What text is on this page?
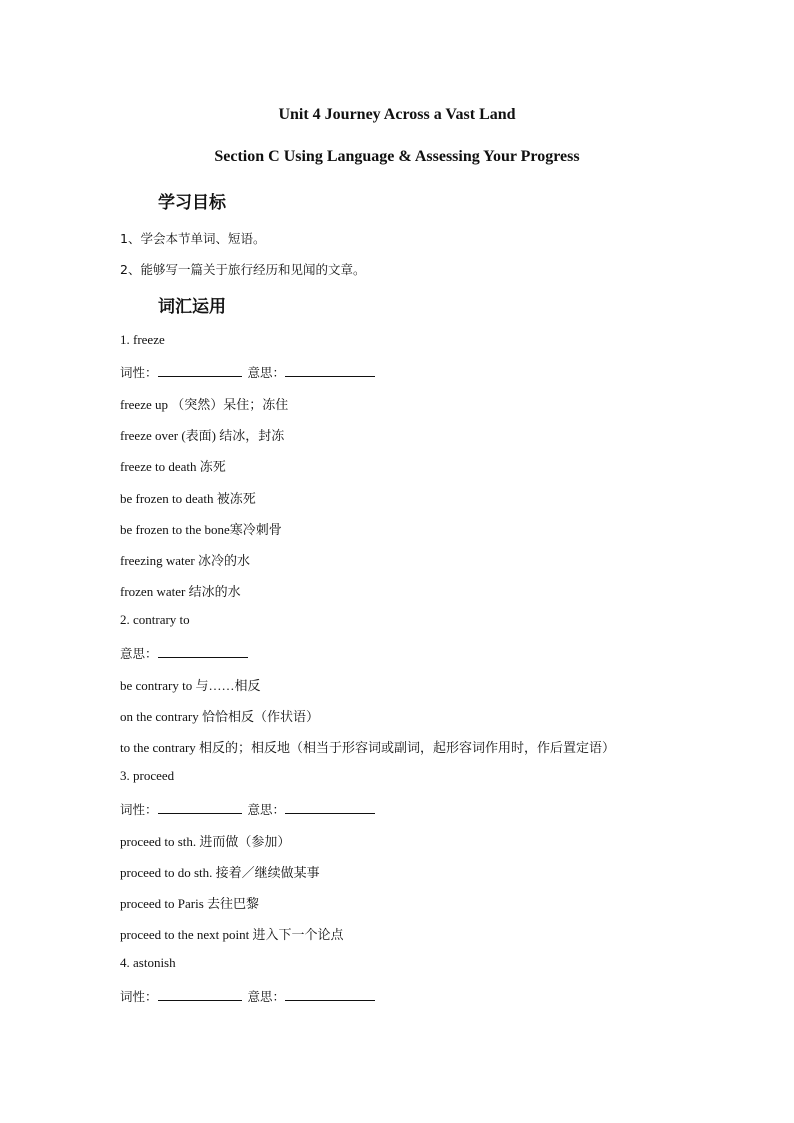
Unit 4 Journey Across a Vast Land
Section C Using Language & Assessing Your Progress
学习目标
1、学会本节单词、短语。
2、能够写一篇关于旅行经历和见闻的文章。
词汇运用
1. freeze
词性：	意思：
freeze up （突然）呆住；冻住
freeze over (表面) 结冰，封冻
freeze to death 冻死
be frozen to death 被冻死
be frozen to the bone寒冷刺骨
freezing water 冰冷的水
frozen water 结冰的水
2. contrary to
意思：
be contrary to 与……相反
on the contrary 恰恰相反（作状语）
to the contrary 相反的；相反地（相当于形容词或副词，起形容词作用时，作后置定语）
3. proceed
词性：	意思：
proceed to sth. 进而做（参加）
proceed to do sth. 接着／继续做某事
proceed to Paris 去往巴黎
proceed to the next point 进入下一个论点
4. astonish
词性：	意思：
